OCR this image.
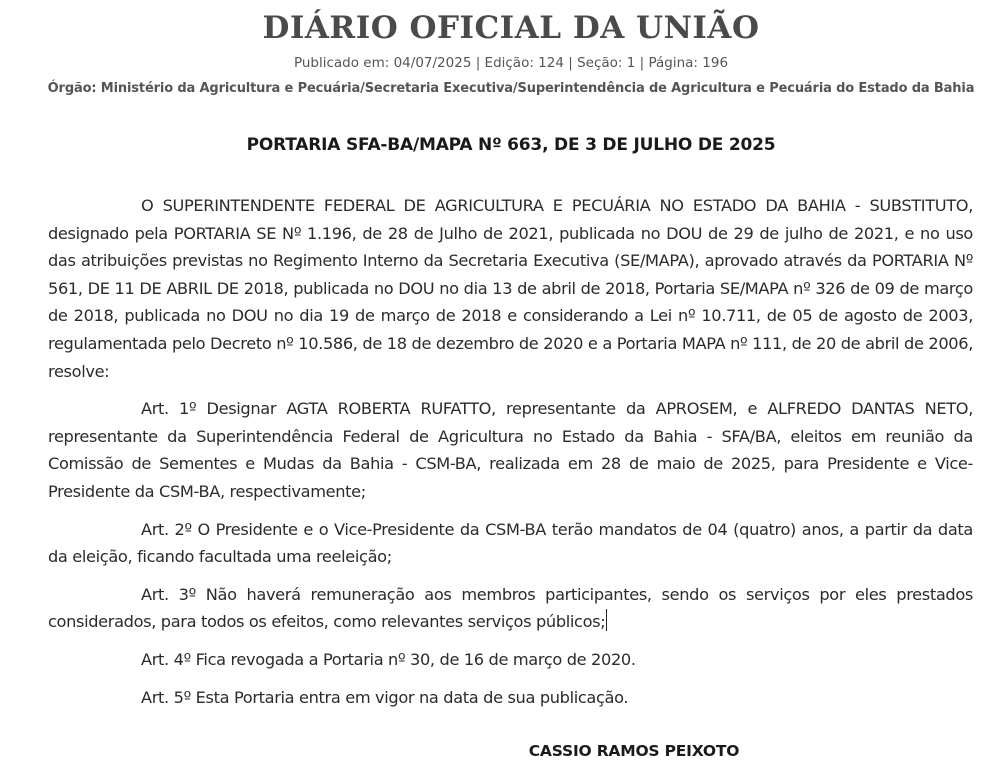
DIÁRIO OFICIAL DA UNIÃO
Publicado em: 04/07/2025 | Edição: 124 | Seção: 1 | Página: 196
Órgão: Ministério da Agricultura e Pecuária/Secretaria Executiva/Superintendência de Agricultura e Pecuária do Estado da Bahia
PORTARIA SFA-BA/MAPA Nº 663, DE 3 DE JULHO DE 2025

O SUPERINTENDENTE FEDERAL DE AGRICULTURA E PECUÁRIA NO ESTADO DA BAHIA - SUBSTITUTO, designado pela PORTARIA SE Nº 1.196, de 28 de Julho de 2021, publicada no DOU de 29 de julho de 2021, e no uso das atribuições previstas no Regimento Interno da Secretaria Executiva (SE/MAPA), aprovado através da PORTARIA Nº 561, DE 11 DE ABRIL DE 2018, publicada no DOU no dia 13 de abril de 2018, Portaria SE/MAPA nº 326 de 09 de março de 2018, publicada no DOU no dia 19 de março de 2018 e considerando a Lei nº 10.711, de 05 de agosto de 2003, regulamentada pelo Decreto nº 10.586, de 18 de dezembro de 2020 e a Portaria MAPA nº 111, de 20 de abril de 2006, resolve:

Art. 1º Designar AGTA ROBERTA RUFATTO, representante da APROSEM, e ALFREDO DANTAS NETO, representante da Superintendência Federal de Agricultura no Estado da Bahia - SFA/BA, eleitos em reunião da Comissão de Sementes e Mudas da Bahia - CSM-BA, realizada em 28 de maio de 2025, para Presidente e Vice-Presidente da CSM-BA, respectivamente;

Art. 2º O Presidente e o Vice-Presidente da CSM-BA terão mandatos de 04 (quatro) anos, a partir da data da eleição, ficando facultada uma reeleição;

Art. 3º Não haverá remuneração aos membros participantes, sendo os serviços por eles prestados considerados, para todos os efeitos, como relevantes serviços públicos;

Art. 4º Fica revogada a Portaria nº 30, de 16 de março de 2020.

Art. 5º Esta Portaria entra em vigor na data de sua publicação.

CASSIO RAMOS PEIXOTO
